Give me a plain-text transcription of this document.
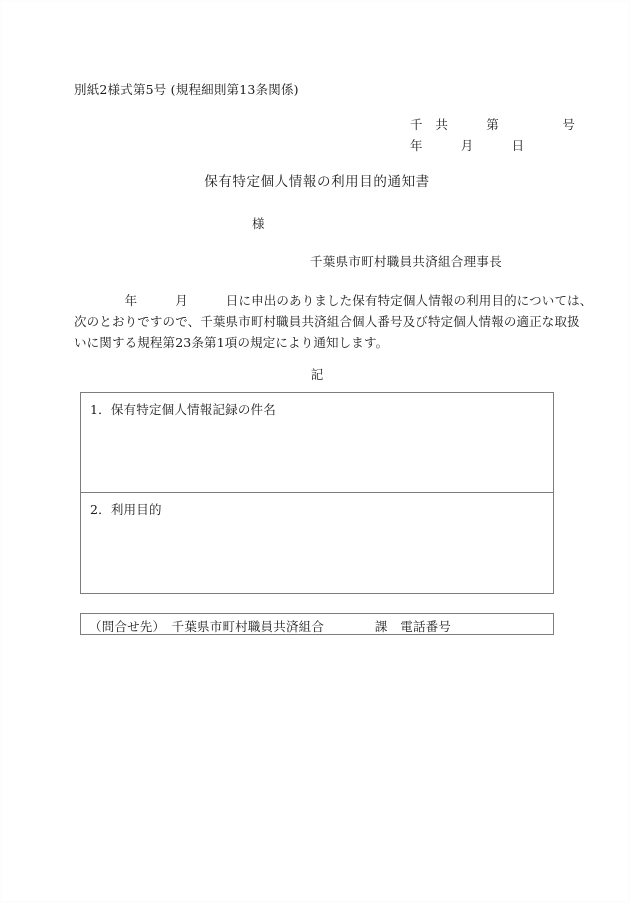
別紙2様式第5号 (規程細則第13条関係)
千　共　　　第　　　　　号
年　　　月　　　日
保有特定個人情報の利用目的通知書
様
千葉県市町村職員共済組合理事長
　　　　年　　　月　　　日に申出のありました保有特定個人情報の利用目的については、
次のとおりですので、千葉県市町村職員共済組合個人番号及び特定個人情報の適正な取扱
いに関する規程第23条第1項の規定により通知します。
記
1．保有特定個人情報記録の件名
2．利用目的
（問合せ先）　千葉県市町村職員共済組合　　　　課　電話番号
